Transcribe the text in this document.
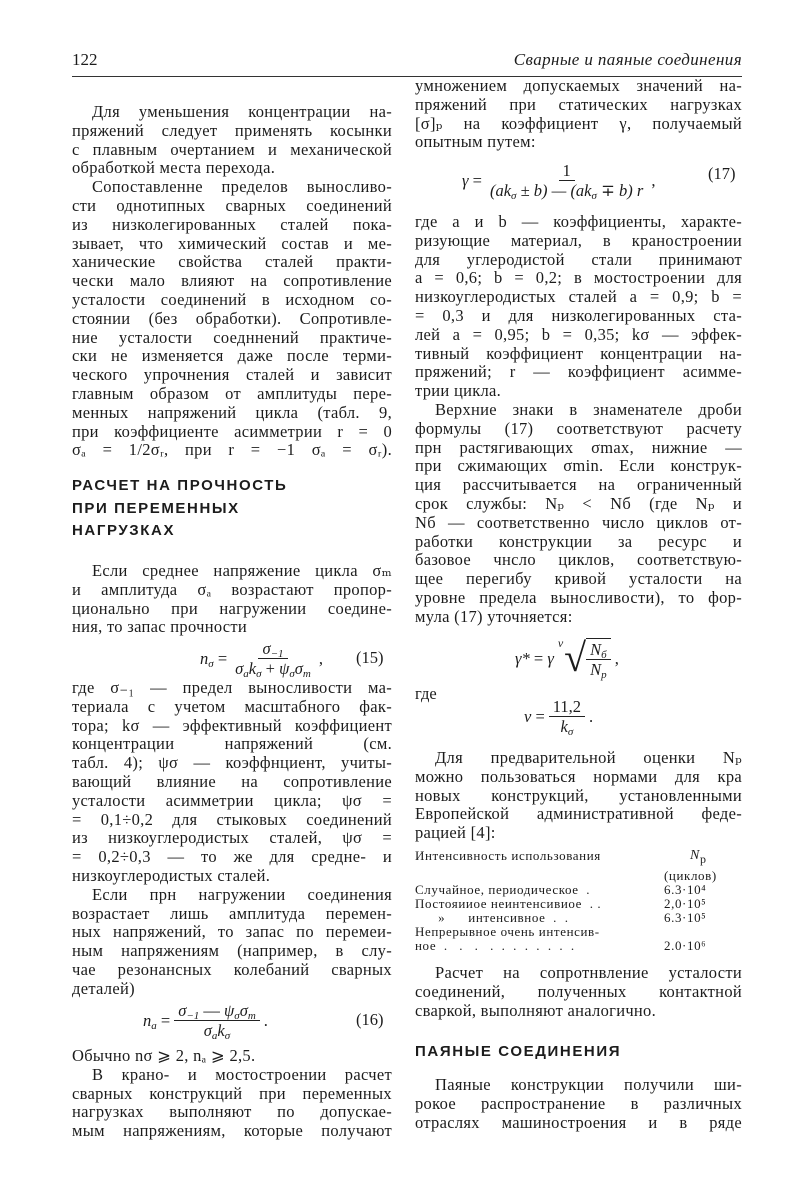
122	Сварные и паяные соединения
Для уменьшения концентрации на-
пряжений следует применять косынки
с плавным очертанием и механической
обработкой места перехода.
Сопоставленне пределов выносливо-
сти однотипных сварных соединений
из низколегированных сталей пока-
зывает, что химический состав и ме-
ханические свойства сталей практи-
чески мало влияют на сопротивление
усталости соединений в исходном со-
стоянии (без обработки). Сопротивле-
ние усталости соедннений практиче-
ски не изменяется даже после терми-
ческого упрочнения сталей и зависит
главным образом от амплитуды пере-
менных напряжений цикла (табл. 9,
при коэффициенте асимметрии r = 0
σₐ = 1/2σᵣ, при r = −1 σₐ = σᵣ).
РАСЧЕТ НА ПРОЧНОСТЬ
ПРИ ПЕРЕМЕННЫХ
НАГРУЗКАХ
Если среднее напряжение цикла σₘ
и амплитуда σₐ возрастают пропор-
ционально при нагружении соедине-
ния, то запас прочности
$n_\sigma = \frac{\sigma_{-1}}{\sigma_ak_\sigma + \psi_\sigma\sigma_m}$ , (15)
где σ₋₁ — предел выносливости ма-
териала с учетом масштабного фак-
тора; kσ — эффективный коэффициент
концентрации напряжений (см.
табл. 4); ψσ — коэффнциент, учиты-
вающий влияние на сопротивление
усталости асимметрии цикла; ψσ =
= 0,1÷0,2 для стыковых соединений
из низкоуглеродистых сталей, ψσ =
= 0,2÷0,3 — то же для средне- и
низкоуглеродистых сталей.
Если прн нагружении соединения
возрастает лишь амплитуда перемен-
ных напряжений, то запас по перемеи-
ным напряжениям (например, в слу-
чае резонансных колебаний сварных
деталей)
$n_a = \frac{\sigma_{-1} — \psi_\sigma\sigma_m}{\sigma_ak_\sigma}$ .	(16)
Обычно nσ ⩾ 2, nₐ ⩾ 2,5.
В крано- и мостостроении расчет
сварных конструкций при переменных
нагрузках выполняют по допускае-
мым напряжениям, которые получают
умножением допускаемых значений на-
пряжений при статических нагрузках
[σ]ₚ на коэффициент γ, получаемый
опытным путем:
$\gamma = \frac{1}{(ak_\sigma \pm b) — (ak_\sigma \mp b) r}$ ,	(17)
где a и b — коэффициенты, характе-
ризующие материал, в краностроении
для углеродистой стали принимают
a = 0,6; b = 0,2; в мостостроении для
низкоуглеродистых сталей a = 0,9; b =
= 0,3 и для низколегированных ста-
лей a = 0,95; b = 0,35; kσ — эффек-
тивный коэффициент концентрации на-
пряжений; r — коэффициент асимме-
трии цикла.
Верхние знаки в знаменателе дроби
формулы (17) соответствуют расчету
прн растягивающих σmax, нижние —
при сжимающих σmin. Если конструк-
ция рассчитывается на ограниченный
срок службы: Nₚ < Nб (где Nₚ и
Nб — соответственно число циклов от-
работки конструкции за ресурс и
базовое чнсло циклов, соответствую-
щее перегибу кривой усталости на
уровне предела выносливости), то фор-
мула (17) уточняется:
γ* = γ
ν √ $\frac{N_б}{N_p}$ ,
где
$\nu = \frac{11,2}{k_\sigma}$ .
Для предварительной оценки Nₚ
можно пользоваться нормами для кра
новых конструкций, установленными
Европейской административной феде-
рацией [4]:
Интенсивность использования	$N_p$
(циклов)
Случайное, периодическое  .	6.3·10⁴
Постояииое неинтенсивиое  . .	2,0·10⁵
»      интенсивное  .  .	6.3·10⁵
Непрерывное очень интенсив-
ное  .   .   .   .  .  .  .  .  .  .  .	2.0·10⁶
Расчет на сопротнвление усталости
соединений, полученных контактной
сваркой, выполняют аналогично.
ПАЯНЫЕ СОЕДИНЕНИЯ
Паяные конструкции получили ши-
рокое распространение в различных
отраслях машиностроения и в ряде
